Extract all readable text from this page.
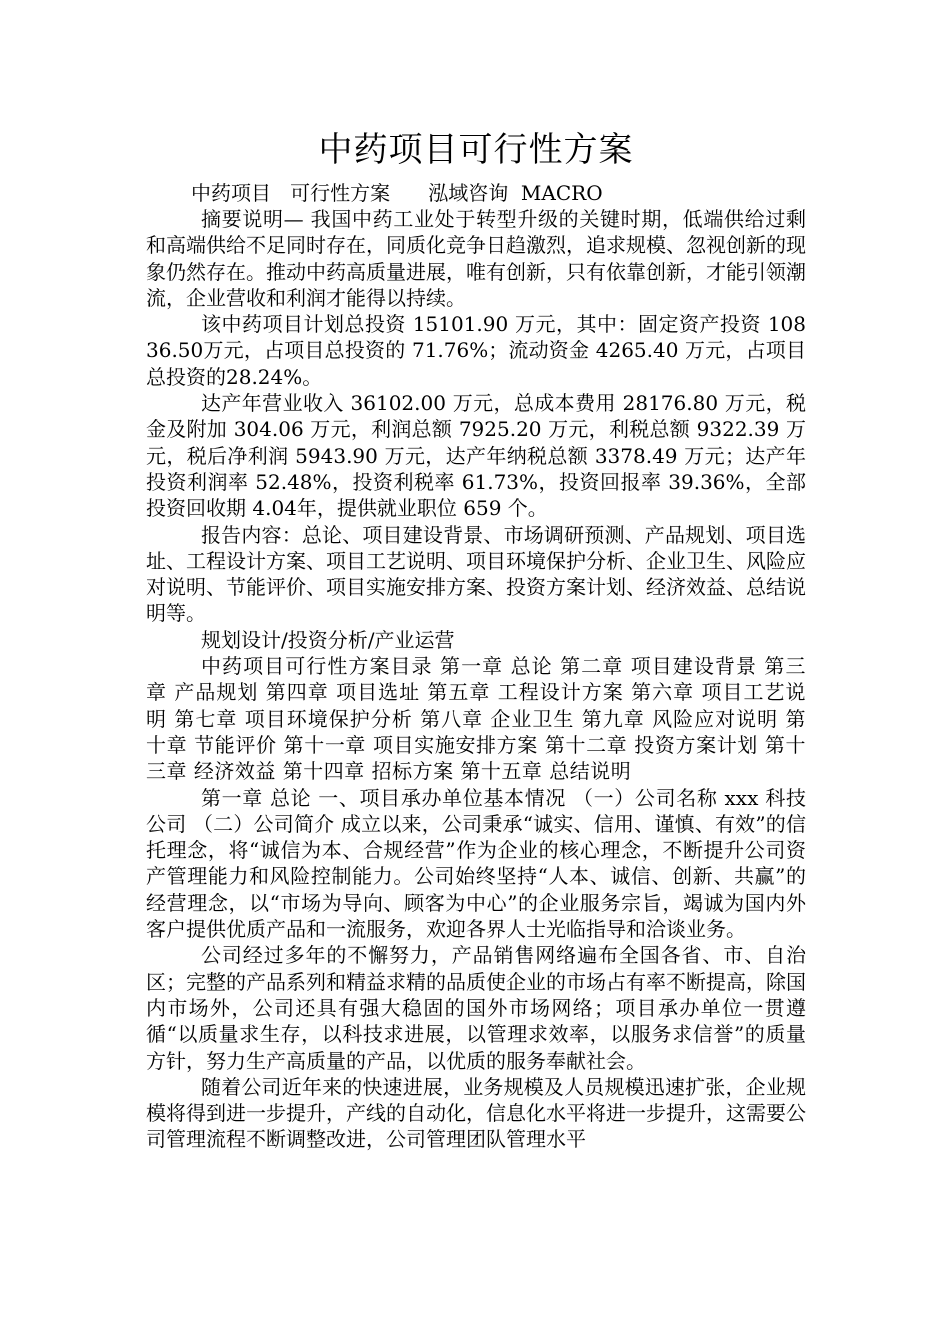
中药项目可行性方案

中药项目   可行性方案      泓域咨询  MACRO

摘要说明— 我国中药工业处于转型升级的关键时期，低端供给过剩和高端供给不足同时存在，同质化竞争日趋激烈，追求规模、忽视创新的现象仍然存在。推动中药高质量进展，唯有创新，只有依靠创新，才能引领潮流，企业营收和利润才能得以持续。

该中药项目计划总投资 15101.90 万元，其中：固定资产投资 10836.50万元，占项目总投资的 71.76%；流动资金 4265.40 万元，占项目总投资的28.24%。

达产年营业收入 36102.00 万元，总成本费用 28176.80 万元，税金及附加 304.06 万元，利润总额 7925.20 万元，利税总额 9322.39 万元，税后净利润 5943.90 万元，达产年纳税总额 3378.49 万元；达产年投资利润率 52.48%，投资利税率 61.73%，投资回报率 39.36%，全部投资回收期 4.04年，提供就业职位 659 个。

报告内容：总论、项目建设背景、市场调研预测、产品规划、项目选址、工程设计方案、项目工艺说明、项目环境保护分析、企业卫生、风险应对说明、节能评价、项目实施安排方案、投资方案计划、经济效益、总结说明等。

规划设计/投资分析/产业运营

中药项目可行性方案目录 第一章 总论 第二章 项目建设背景 第三章 产品规划 第四章 项目选址 第五章 工程设计方案 第六章 项目工艺说明 第七章 项目环境保护分析 第八章 企业卫生 第九章 风险应对说明 第十章 节能评价 第十一章 项目实施安排方案 第十二章 投资方案计划 第十三章 经济效益 第十四章 招标方案 第十五章 总结说明

第一章 总论 一、项目承办单位基本情况 （一）公司名称 xxx 科技公司 （二）公司简介 成立以来，公司秉承“诚实、信用、谨慎、有效”的信托理念，将“诚信为本、合规经营”作为企业的核心理念，不断提升公司资产管理能力和风险控制能力。公司始终坚持“人本、诚信、创新、共赢”的经营理念，以“市场为导向、顾客为中心”的企业服务宗旨，竭诚为国内外客户提供优质产品和一流服务，欢迎各界人士光临指导和洽谈业务。

公司经过多年的不懈努力，产品销售网络遍布全国各省、市、自治区；完整的产品系列和精益求精的品质使企业的市场占有率不断提高，除国内市场外，公司还具有强大稳固的国外市场网络；项目承办单位一贯遵循“以质量求生存，以科技求进展，以管理求效率，以服务求信誉”的质量方针，努力生产高质量的产品，以优质的服务奉献社会。

随着公司近年来的快速进展，业务规模及人员规模迅速扩张，企业规模将得到进一步提升，产线的自动化，信息化水平将进一步提升，这需要公司管理流程不断调整改进，公司管理团队管理水平
